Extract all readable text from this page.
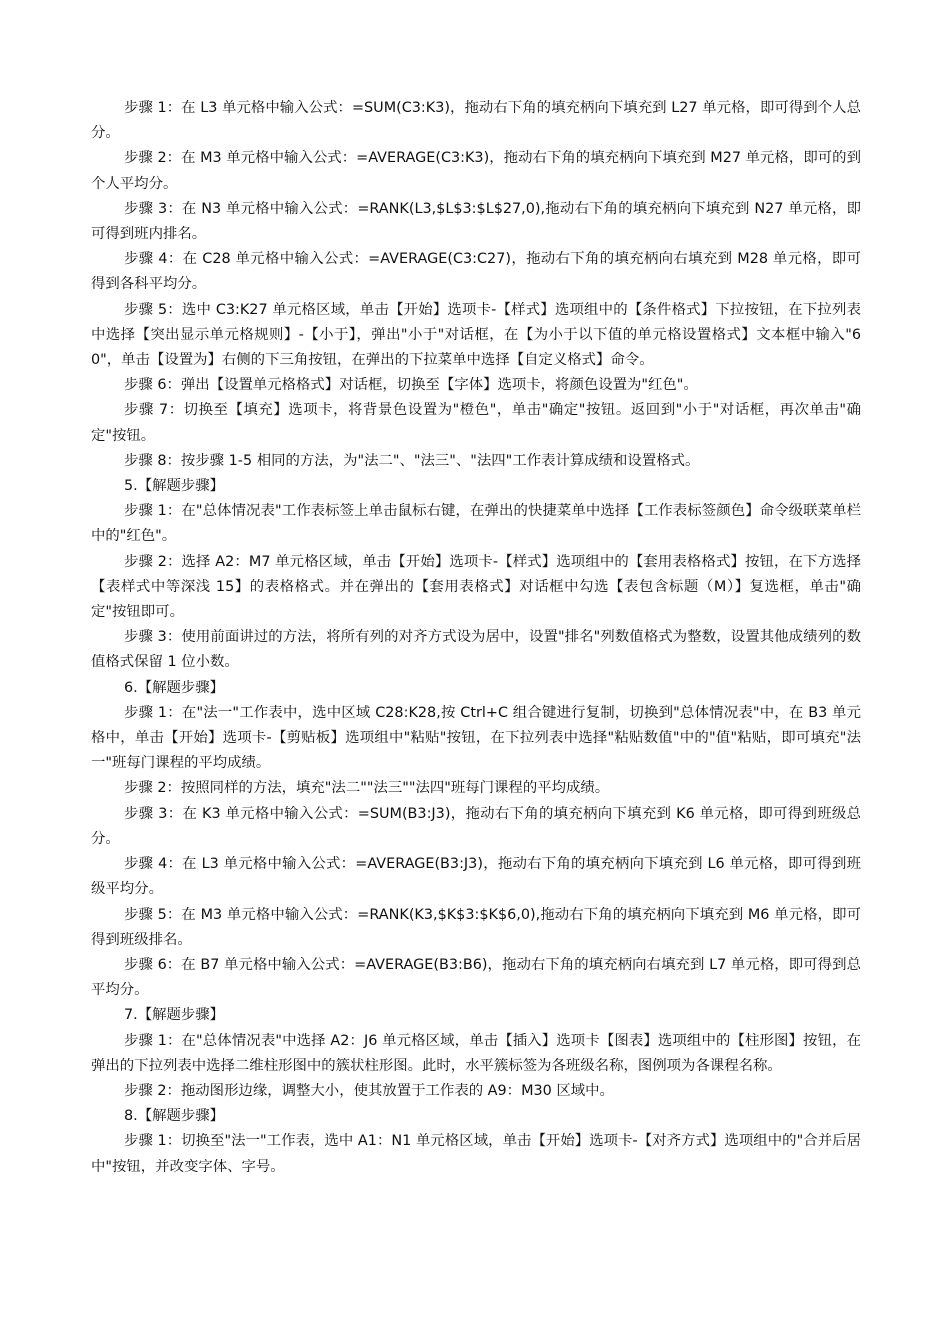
步骤 1：在 L3 单元格中输入公式：=SUM(C3:K3)，拖动右下角的填充柄向下填充到 L27 单元格，即可得到个人总分。

步骤 2：在 M3 单元格中输入公式：=AVERAGE(C3:K3)，拖动右下角的填充柄向下填充到 M27 单元格，即可的到个人平均分。

步骤 3：在 N3 单元格中输入公式：=RANK(L3,$L$3:$L$27,0),拖动右下角的填充柄向下填充到 N27 单元格，即可得到班内排名。

步骤 4：在 C28 单元格中输入公式：=AVERAGE(C3:C27)，拖动右下角的填充柄向右填充到 M28 单元格，即可得到各科平均分。

步骤 5：选中 C3:K27 单元格区域，单击【开始】选项卡-【样式】选项组中的【条件格式】下拉按钮，在下拉列表中选择【突出显示单元格规则】-【小于】，弹出"小于"对话框，在【为小于以下值的单元格设置格式】文本框中输入"60"，单击【设置为】右侧的下三角按钮，在弹出的下拉菜单中选择【自定义格式】命令。

步骤 6：弹出【设置单元格格式】对话框，切换至【字体】选项卡，将颜色设置为"红色"。

步骤 7：切换至【填充】选项卡，将背景色设置为"橙色"，单击"确定"按钮。返回到"小于"对话框，再次单击"确定"按钮。

步骤 8：按步骤 1-5 相同的方法，为"法二"、"法三"、"法四"工作表计算成绩和设置格式。

5.【解题步骤】

步骤 1：在"总体情况表"工作表标签上单击鼠标右键，在弹出的快捷菜单中选择【工作表标签颜色】命令级联菜单栏中的"红色"。

步骤 2：选择 A2：M7 单元格区域，单击【开始】选项卡-【样式】选项组中的【套用表格格式】按钮，在下方选择【表样式中等深浅 15】的表格格式。并在弹出的【套用表格式】对话框中勾选【表包含标题（M）】复选框，单击"确定"按钮即可。

步骤 3：使用前面讲过的方法，将所有列的对齐方式设为居中，设置"排名"列数值格式为整数，设置其他成绩列的数值格式保留 1 位小数。

6.【解题步骤】

步骤 1：在"法一"工作表中，选中区域 C28:K28,按 Ctrl+C 组合键进行复制，切换到"总体情况表"中，在 B3 单元格中，单击【开始】选项卡-【剪贴板】选项组中"粘贴"按钮，在下拉列表中选择"粘贴数值"中的"值"粘贴，即可填充"法一"班每门课程的平均成绩。

步骤 2：按照同样的方法，填充"法二""法三""法四"班每门课程的平均成绩。

步骤 3：在 K3 单元格中输入公式：=SUM(B3:J3)，拖动右下角的填充柄向下填充到 K6 单元格，即可得到班级总分。

步骤 4：在 L3 单元格中输入公式：=AVERAGE(B3:J3)，拖动右下角的填充柄向下填充到 L6 单元格，即可得到班级平均分。

步骤 5：在 M3 单元格中输入公式：=RANK(K3,$K$3:$K$6,0),拖动右下角的填充柄向下填充到 M6 单元格，即可得到班级排名。

步骤 6：在 B7 单元格中输入公式：=AVERAGE(B3:B6)，拖动右下角的填充柄向右填充到 L7 单元格，即可得到总平均分。

7.【解题步骤】

步骤 1：在"总体情况表"中选择 A2：J6 单元格区域，单击【插入】选项卡【图表】选项组中的【柱形图】按钮，在弹出的下拉列表中选择二维柱形图中的簇状柱形图。此时，水平簇标签为各班级名称，图例项为各课程名称。

步骤 2：拖动图形边缘，调整大小，使其放置于工作表的 A9：M30 区域中。

8.【解题步骤】

步骤 1：切换至"法一"工作表，选中 A1：N1 单元格区域，单击【开始】选项卡-【对齐方式】选项组中的"合并后居中"按钮，并改变字体、字号。
